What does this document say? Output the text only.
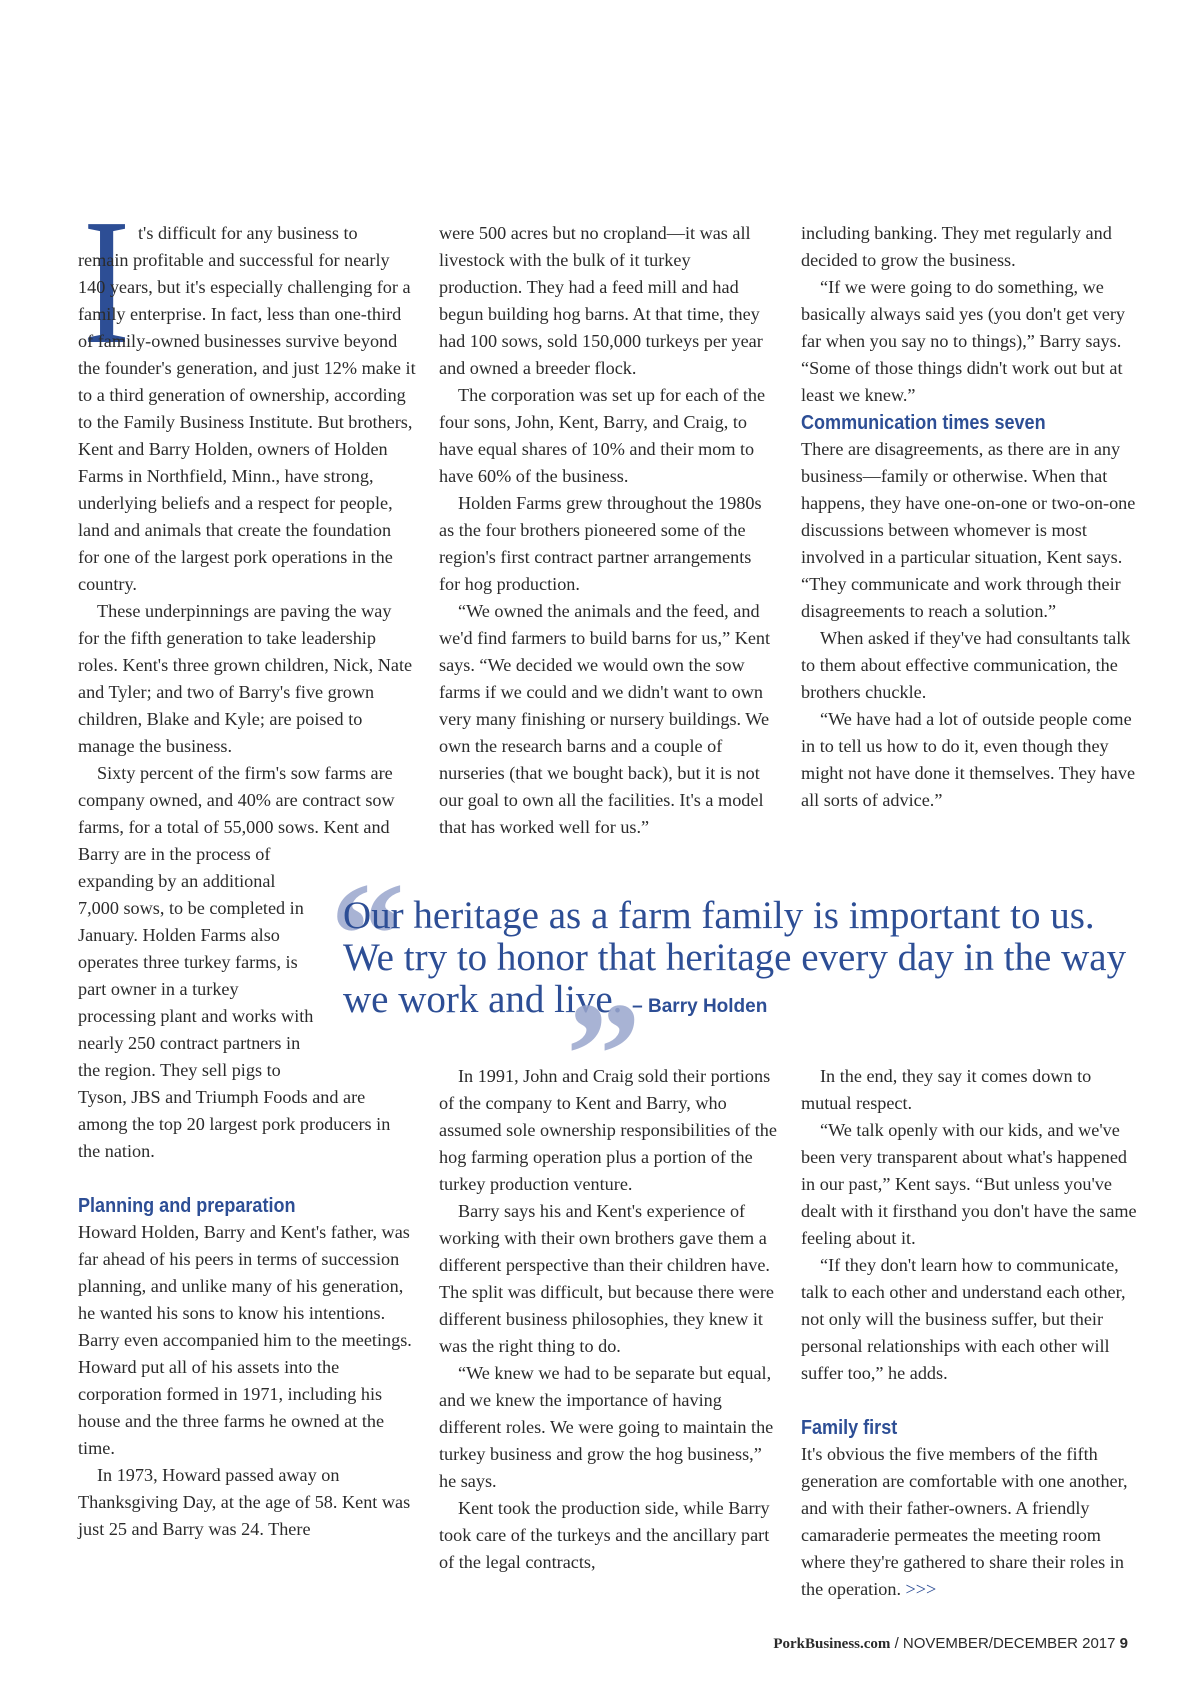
I t's difficult for any business to

remain profitable and successful for nearly 140 years, but it's especially challenging for a family enterprise. In fact, less than one-third of family-owned businesses survive beyond the founder's generation, and just 12% make it to a third generation of ownership, according to the Family Business Institute. But brothers, Kent and Barry Holden, owners of Holden Farms in Northfield, Minn., have strong, underlying beliefs and a respect for people, land and animals that create the foundation for one of the largest pork operations in the country.

These underpinnings are paving the way for the fifth generation to take leadership roles. Kent's three grown children, Nick, Nate and Tyler; and two of Barry's five grown children, Blake and Kyle; are poised to manage the business.

Sixty percent of the firm's sow farms are company owned, and 40% are contract sow farms, for a total of 55,000 sows. Kent and Barry are in the process of expanding by an additional 7,000 sows, to be completed in January. Holden Farms also operates three turkey farms, is part owner in a turkey processing plant and works with nearly 250 contract partners in the region. They sell pigs to Tyson, JBS and Triumph Foods and are among the top 20 largest pork producers in the nation.

Planning and preparation

Howard Holden, Barry and Kent's father, was far ahead of his peers in terms of succession planning, and unlike many of his generation, he wanted his sons to know his intentions. Barry even accompanied him to the meetings. Howard put all of his assets into the corporation formed in 1971, including his house and the three farms he owned at the time.

In 1973, Howard passed away on Thanksgiving Day, at the age of 58. Kent was just 25 and Barry was 24. There

were 500 acres but no cropland—it was all livestock with the bulk of it turkey production. They had a feed mill and had begun building hog barns. At that time, they had 100 sows, sold 150,000 turkeys per year and owned a breeder flock.

The corporation was set up for each of the four sons, John, Kent, Barry, and Craig, to have equal shares of 10% and their mom to have 60% of the business.

Holden Farms grew throughout the 1980s as the four brothers pioneered some of the region's first contract partner arrangements for hog production.

“We owned the animals and the feed, and we'd find farmers to build barns for us,” Kent says. “We decided we would own the sow farms if we could and we didn't want to own very many finishing or nursery buildings. We own the research barns and a couple of nurseries (that we bought back), but it is not our goal to own all the facilities. It's a model that has worked well for us.”

including banking. They met regularly and decided to grow the business.

“If we were going to do something, we basically always said yes (you don't get very far when you say no to things),” Barry says. “Some of those things didn't work out but at least we knew.”

Communication times seven

There are disagreements, as there are in any business—family or otherwise. When that happens, they have one-on-one or two-on-one discussions between whomever is most involved in a particular situation, Kent says. “They communicate and work through their disagreements to reach a solution.”

When asked if they've had consultants talk to them about effective communication, the brothers chuckle.

“We have had a lot of outside people come in to tell us how to do it, even though they might not have done it themselves. They have all sorts of advice.”

“
Our heritage as a farm family is important to us.
We try to honor that heritage every day in the way
we work and live. – Barry Holden
”

In 1991, John and Craig sold their portions of the company to Kent and Barry, who assumed sole ownership responsibilities of the hog farming operation plus a portion of the turkey production venture.

Barry says his and Kent's experience of working with their own brothers gave them a different perspective than their children have. The split was difficult, but because there were different business philosophies, they knew it was the right thing to do.

“We knew we had to be separate but equal, and we knew the importance of having different roles. We were going to maintain the turkey business and grow the hog business,” he says.

Kent took the production side, while Barry took care of the turkeys and the ancillary part of the legal contracts,

In the end, they say it comes down to mutual respect.

“We talk openly with our kids, and we've been very transparent about what's happened in our past,” Kent says. “But unless you've dealt with it firsthand you don't have the same feeling about it.

“If they don't learn how to communicate, talk to each other and understand each other, not only will the business suffer, but their personal relationships with each other will suffer too,” he adds.

Family first

It's obvious the five members of the fifth generation are comfortable with one another, and with their father-owners. A friendly camaraderie permeates the meeting room where they're gathered to share their roles in the operation. >>>

PorkBusiness.com / NOVEMBER/DECEMBER 2017 9
